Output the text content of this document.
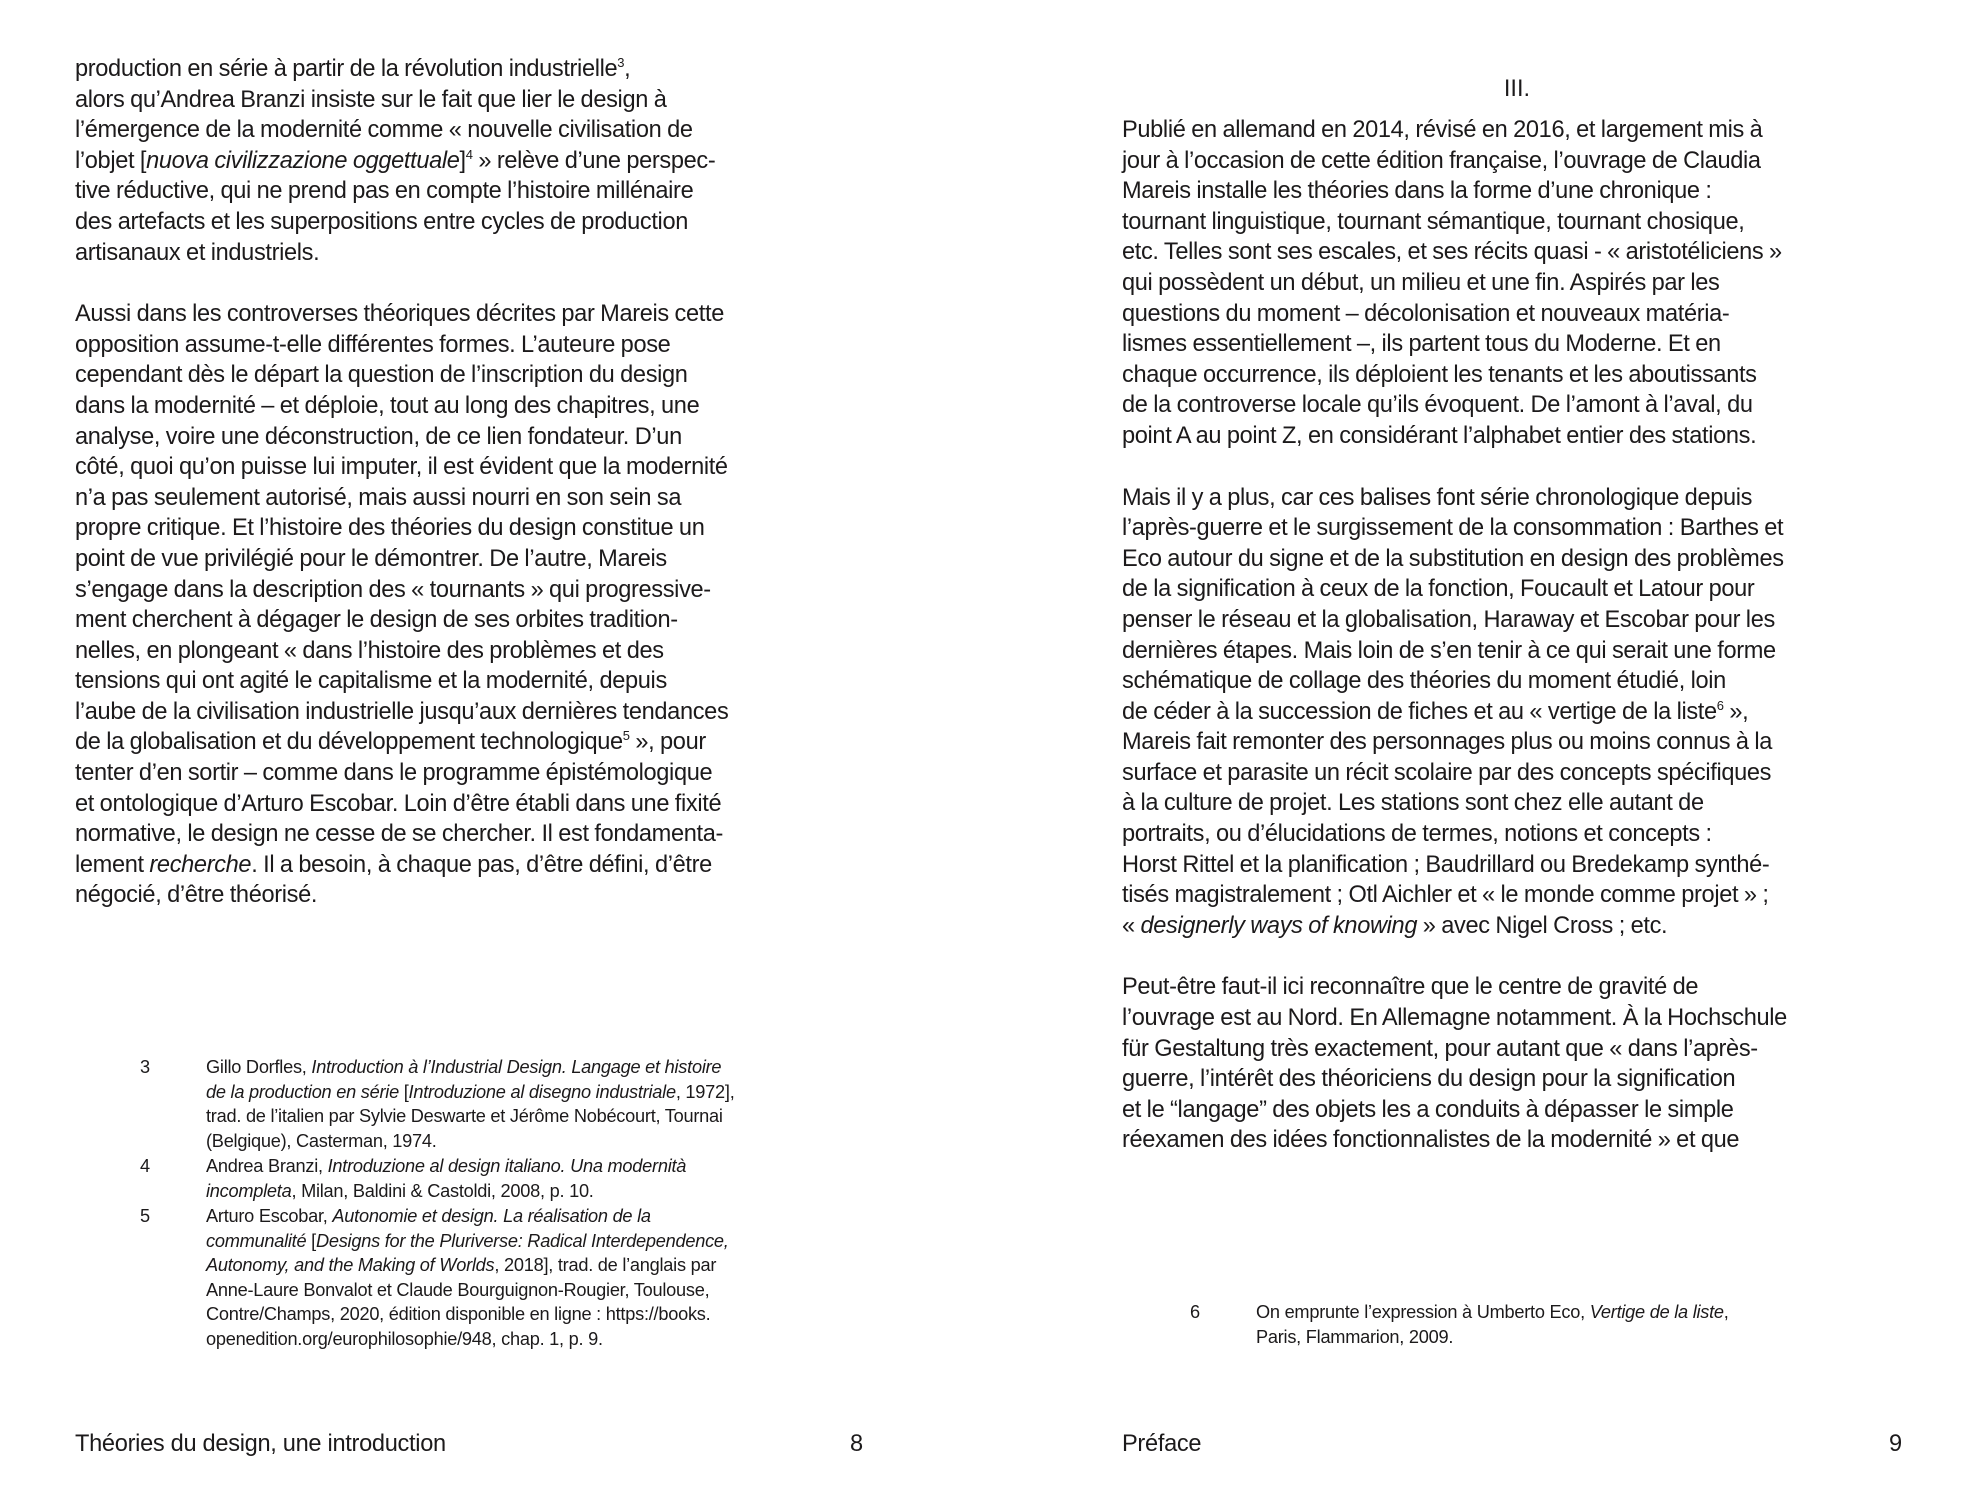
production en série à partir de la révolution industrielle$^3$,
alors qu’Andrea Branzi insiste sur le fait que lier le design à
l’émergence de la modernité comme « nouvelle civilisation de
l’objet [nuova civilizzazione oggettuale]$^4$ » relève d’une perspec-
tive réductive, qui ne prend pas en compte l’histoire millénaire
des artefacts et les superpositions entre cycles de production
artisanaux et industriels.

Aussi dans les controverses théoriques décrites par Mareis cette
opposition assume-t-elle différentes formes. L’auteure pose
cependant dès le départ la question de l’inscription du design
dans la modernité – et déploie, tout au long des chapitres, une
analyse, voire une déconstruction, de ce lien fondateur. D’un
côté, quoi qu’on puisse lui imputer, il est évident que la modernité
n’a pas seulement autorisé, mais aussi nourri en son sein sa
propre critique. Et l’histoire des théories du design constitue un
point de vue privilégié pour le démontrer. De l’autre, Mareis
s’engage dans la description des « tournants » qui progressive-
ment cherchent à dégager le design de ses orbites tradition-
nelles, en plongeant « dans l’histoire des problèmes et des
tensions qui ont agité le capitalisme et la modernité, depuis
l’aube de la civilisation industrielle jusqu’aux dernières tendances
de la globalisation et du développement technologique$^5$ », pour
tenter d’en sortir – comme dans le programme épistémologique
et ontologique d’Arturo Escobar. Loin d’être établi dans une fixité
normative, le design ne cesse de se chercher. Il est fondamenta-
lement recherche. Il a besoin, à chaque pas, d’être défini, d’être
négocié, d’être théorisé.

3	Gillo Dorfles, Introduction à l’Industrial Design. Langage et histoire
de la production en série [Introduzione al disegno industriale, 1972],
trad. de l’italien par Sylvie Deswarte et Jérôme Nobécourt, Tournai
(Belgique), Casterman, 1974.
4	Andrea Branzi, Introduzione al design italiano. Una modernità
incompleta, Milan, Baldini & Castoldi, 2008, p. 10.
5	Arturo Escobar, Autonomie et design. La réalisation de la
communalité [Designs for the Pluriverse: Radical Interdependence,
Autonomy, and the Making of Worlds, 2018], trad. de l’anglais par
Anne-Laure Bonvalot et Claude Bourguignon-Rougier, Toulouse,
Contre/Champs, 2020, édition disponible en ligne : https://books.
openedition.org/europhilosophie/948, chap. 1, p. 9.
Théories du design, une introduction	8
III.

Publié en allemand en 2014, révisé en 2016, et largement mis à
jour à l’occasion de cette édition française, l’ouvrage de Claudia
Mareis installe les théories dans la forme d’une chronique :
tournant linguistique, tournant sémantique, tournant chosique,
etc. Telles sont ses escales, et ses récits quasi - « aristotéliciens »
qui possèdent un début, un milieu et une fin. Aspirés par les
questions du moment – décolonisation et nouveaux matéria-
lismes essentiellement –, ils partent tous du Moderne. Et en
chaque occurrence, ils déploient les tenants et les aboutissants
de la controverse locale qu’ils évoquent. De l’amont à l’aval, du
point A au point Z, en considérant l’alphabet entier des stations.

Mais il y a plus, car ces balises font série chronologique depuis
l’après-guerre et le surgissement de la consommation : Barthes et
Eco autour du signe et de la substitution en design des problèmes
de la signification à ceux de la fonction, Foucault et Latour pour
penser le réseau et la globalisation, Haraway et Escobar pour les
dernières étapes. Mais loin de s’en tenir à ce qui serait une forme
schématique de collage des théories du moment étudié, loin
de céder à la succession de fiches et au « vertige de la liste$^6$ »,
Mareis fait remonter des personnages plus ou moins connus à la
surface et parasite un récit scolaire par des concepts spécifiques
à la culture de projet. Les stations sont chez elle autant de
portraits, ou d’élucidations de termes, notions et concepts :
Horst Rittel et la planification ; Baudrillard ou Bredekamp synthé-
tisés magistralement ; Otl Aichler et « le monde comme projet » ;
« designerly ways of knowing » avec Nigel Cross ; etc.

Peut-être faut-il ici reconnaître que le centre de gravité de
l’ouvrage est au Nord. En Allemagne notamment. À la Hochschule
für Gestaltung très exactement, pour autant que « dans l’après-
guerre, l’intérêt des théoriciens du design pour la signification
et le “langage” des objets les a conduits à dépasser le simple
réexamen des idées fonctionnalistes de la modernité » et que

6	On emprunte l’expression à Umberto Eco, Vertige de la liste,
Paris, Flammarion, 2009.
Préface	9
